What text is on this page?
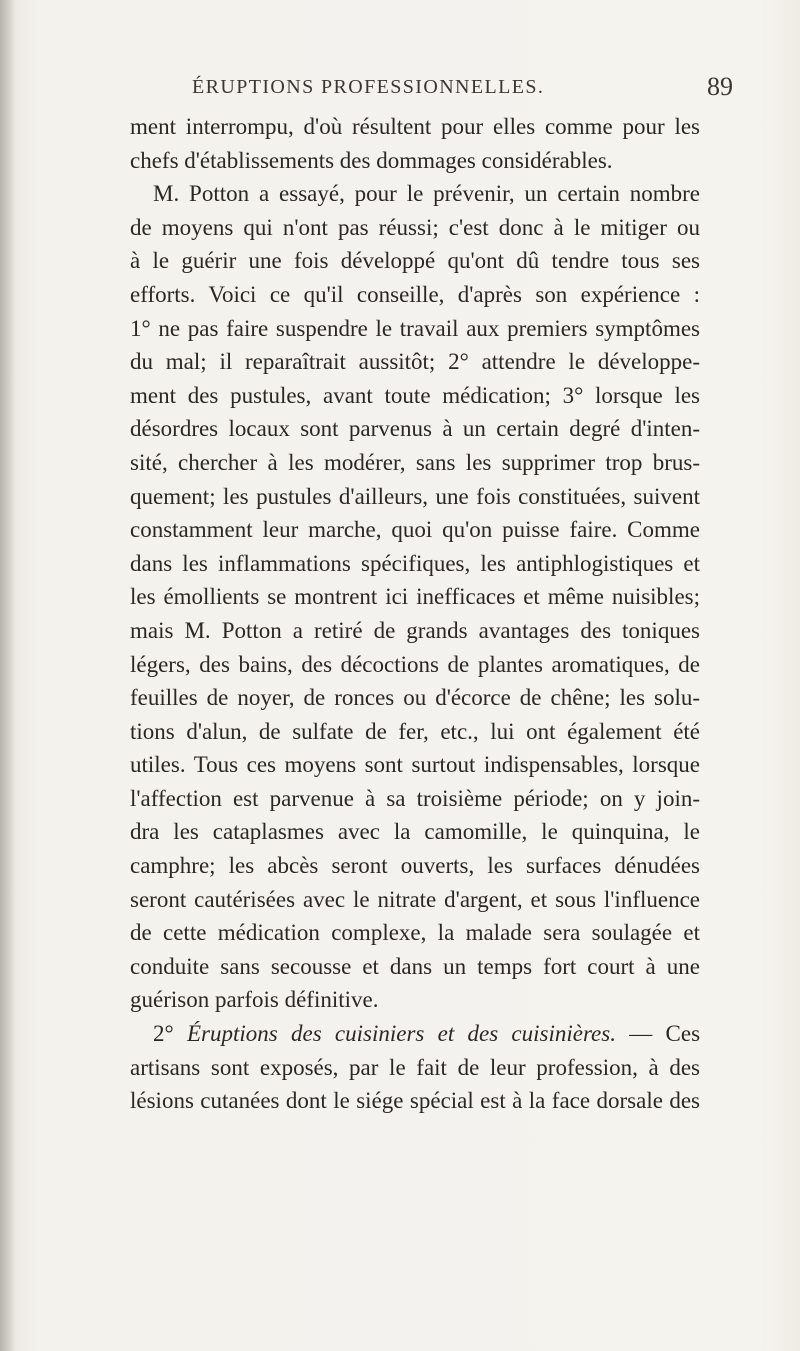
ÉRUPTIONS PROFESSIONNELLES.	89
ment interrompu, d'où résultent pour elles comme pour les
chefs d'établissements des dommages considérables.
M. Potton a essayé, pour le prévenir, un certain nombre
de moyens qui n'ont pas réussi; c'est donc à le mitiger ou
à le guérir une fois développé qu'ont dû tendre tous ses
efforts. Voici ce qu'il conseille, d'après son expérience :
1° ne pas faire suspendre le travail aux premiers symptômes
du mal; il reparaîtrait aussitôt; 2° attendre le développe-
ment des pustules, avant toute médication; 3° lorsque les
désordres locaux sont parvenus à un certain degré d'inten-
sité, chercher à les modérer, sans les supprimer trop brus-
quement; les pustules d'ailleurs, une fois constituées, suivent
constamment leur marche, quoi qu'on puisse faire. Comme
dans les inflammations spécifiques, les antiphlogistiques et
les émollients se montrent ici inefficaces et même nuisibles;
mais M. Potton a retiré de grands avantages des toniques
légers, des bains, des décoctions de plantes aromatiques, de
feuilles de noyer, de ronces ou d'écorce de chêne; les solu-
tions d'alun, de sulfate de fer, etc., lui ont également été
utiles. Tous ces moyens sont surtout indispensables, lorsque
l'affection est parvenue à sa troisième période; on y join-
dra les cataplasmes avec la camomille, le quinquina, le
camphre; les abcès seront ouverts, les surfaces dénudées
seront cautérisées avec le nitrate d'argent, et sous l'influence
de cette médication complexe, la malade sera soulagée et
conduite sans secousse et dans un temps fort court à une
guérison parfois définitive.
2° Éruptions des cuisiniers et des cuisinières. — Ces
artisans sont exposés, par le fait de leur profession, à des
lésions cutanées dont le siége spécial est à la face dorsale des
